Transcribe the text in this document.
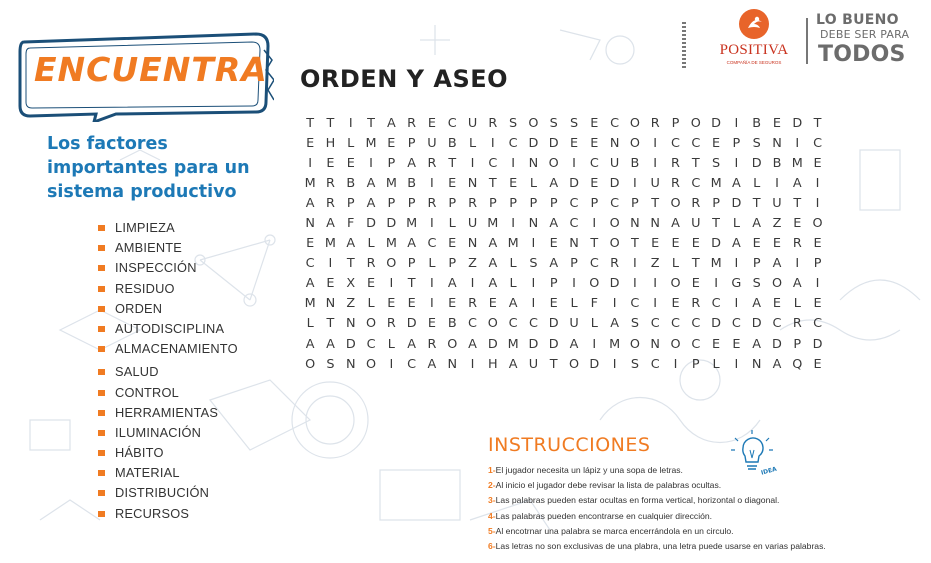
ENCUENTRA
Los factores importantes para un sistema productivo
LIMPIEZA
AMBIENTE
INSPECCIÓN
RESIDUO
ORDEN
AUTODISCIPLINA
ALMACENAMIENTO
SALUD
CONTROL
HERRAMIENTAS
ILUMINACIÓN
HÁBITO
MATERIAL
DISTRIBUCIÓN
RECURSOS
ORDEN Y ASEO
T T	I	T A R E C U R S O S S E C O R P O D	I	B E D T
E H L M E P U B L	I	C D D E E N O	I	C C E P S N	I	C
I	E E	I	P A R T	I	C	I	N O	I	C U B	I	R T S	I	D B M E
M R B A M B	I	E N T E L A D E D	I	U R C M A L	I	A	I
A R P A P P R P R P P P P C P C P T O R P D T U T	I
N A F D D M	I	L U M	I	N A C	I	O N N A U T	L A Z E O
E M A L M A C E N A M	I	E N T O T E E E D A E E R E
C	I	T R O P	L	P Z A L S A P C R	I	Z L	T M	I	P A	I	P
A E X E	I	T	I	A	I	A L	I	P	I	O D	I	I	O E	I	G S O A	I
M N Z L E E	I	E R E A	I	E L	F	I	C	I	E R C	I	A E L E
L	T N O R D E B C O C C D U L A S C C C D C D C R C
A A D C L A R O A D M D D A	I	M O N O C E E A D P D
O S N O	I	C A N	I	H A U T O D	I	S C	I	P	L	I	N A Q E
POSITIVA
COMPAÑÍA DE SEGUROS
LO BUENO
DEBE SER PARA
TODOS
INSTRUCCIONES
1-El jugador necesita un lápiz y una sopa de letras.
2-Al inicio el jugador debe revisar la lista de palabras ocultas.
3-Las palabras pueden estar ocultas en forma vertical, horizontal o diagonal.
4-Las palabras pueden encontrarse en cualquier dirección.
5-Al encotrnar una palabra se marca encerrándola en un circulo.
6-Las letras no son exclusivas de una plabra, una letra puede usarse en varias palabras.
IDEA
